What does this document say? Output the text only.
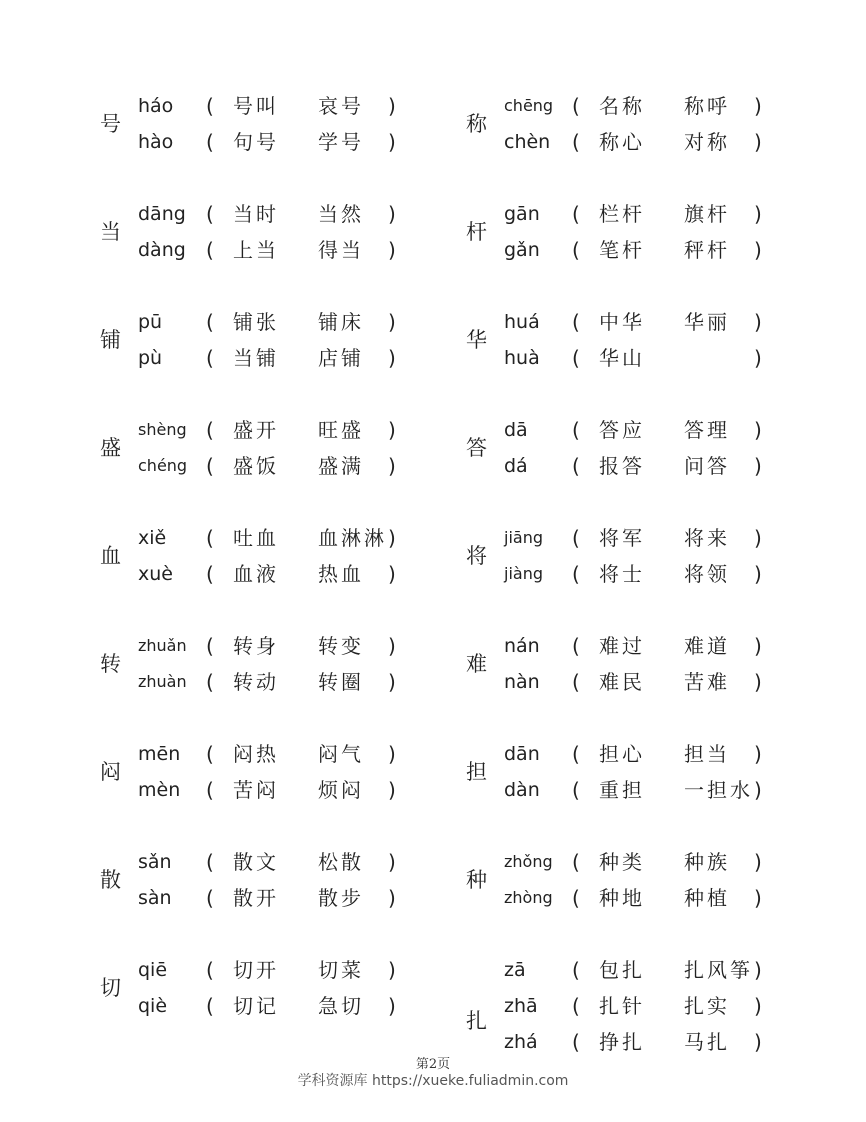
号
háo	( 号叫 哀号 )
hào	( 句号 学号 )
当
dāng	( 当时 当然 )
dàng	( 上当 得当 )
铺
pū	( 铺张 铺床 )
pù	( 当铺 店铺 )
盛
shèng ( 盛开 旺盛 )
chéng ( 盛饭 盛满 )
血
xiě	( 吐血 血淋淋 )
xuè	( 血液 热血 )
转
zhuǎn ( 转身 转变 )
zhuàn ( 转动 转圈 )
闷
mēn	( 闷热 闷气 )
mèn	( 苦闷 烦闷 )
散
sǎn	( 散文 松散 )
sàn	( 散开 散步 )
切
qiē	( 切开 切菜 )
qiè	( 切记 急切 )
称
chēng ( 名称 称呼 )
chèn	( 称心 对称 )
杆
gān	( 栏杆 旗杆 )
gǎn	( 笔杆 秤杆 )
华
huá	( 中华 华丽 )
huà	( 华山	)
答
dā	( 答应 答理 )
dá	( 报答 问答 )
将
jiāng	( 将军 将来 )
jiàng	( 将士 将领 )
难
nán	( 难过 难道 )
nàn	( 难民 苦难 )
担
dān	( 担心 担当 )
dàn	( 重担 一担水 )
种
zhǒng ( 种类 种族 )
zhòng ( 种地 种植 )
扎
zā	( 包扎 扎风筝 )
zhā	( 扎针 扎实 )
zhá	( 挣扎 马扎 )
第2页
学科资源库 https://xueke.fuliadmin.com
